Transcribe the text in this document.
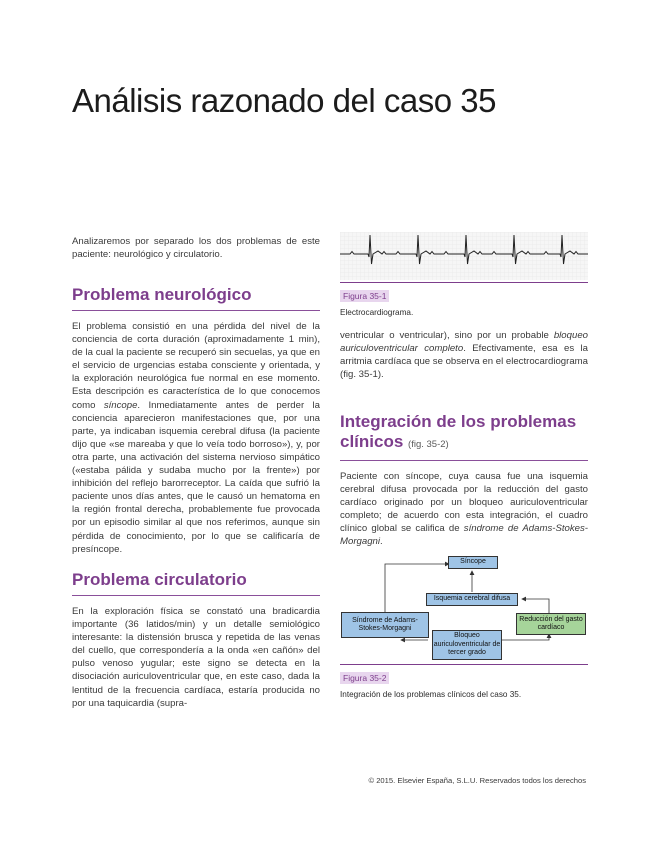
Análisis razonado del caso 35
Analizaremos por separado los dos problemas de este paciente: neurológico y circulatorio.
Problema neurológico

El problema consistió en una pérdida del nivel de la conciencia de corta duración (aproximadamente 1 min), de la cual la paciente se recuperó sin secuelas, ya que en el servicio de urgencias estaba consciente y orientada, y la exploración neurológica fue normal en ese momento. Esta descripción es característica de lo que conocemos como síncope. Inmediatamente antes de perder la conciencia aparecieron manifestaciones que, por una parte, ya indicaban isquemia cerebral difusa (la paciente dijo que «se mareaba y que lo veía todo borroso»), y, por otra parte, una activación del sistema nervioso simpático («estaba pálida y sudaba mucho por la frente») por inhibición del reflejo barorreceptor. La caída que sufrió la paciente unos días antes, que le causó un hematoma en la región frontal derecha, probablemente fue provocada por un episodio similar al que nos referimos, aunque sin pérdida de conocimiento, por lo que se calificaría de presíncope.

Problema circulatorio

En la exploración física se constató una bradicardia importante (36 latidos/min) y un detalle semiológico interesante: la distensión brusca y repetida de las venas del cuello, que correspondería a la onda «en cañón» del pulso venoso yugular; este signo se detecta en la disociación auriculoventricular que, en este caso, dada la lentitud de la frecuencia cardíaca, estaría producida no por una taquicardia (supra-

Figura 35-1
Electrocardiograma.

ventricular o ventricular), sino por un probable bloqueo auriculoventricular completo. Efectivamente, esa es la arritmia cardíaca que se observa en el electrocardiograma (fig. 35-1).

Integración de los problemas clínicos (fig. 35-2)

Paciente con síncope, cuya causa fue una isquemia cerebral difusa provocada por la reducción del gasto cardíaco originado por un bloqueo auriculoventricular completo; de acuerdo con esta integración, el cuadro clínico global se califica de síndrome de Adams-Stokes-Morgagni.

Síncope
Isquemia cerebral difusa
Síndrome de Adams-Stokes-Morgagni
Reducción del gasto cardíaco
Bloqueo auriculoventricular de tercer grado
Figura 35-2
Integración de los problemas clínicos del caso 35.
© 2015. Elsevier España, S.L.U. Reservados todos los derechos
